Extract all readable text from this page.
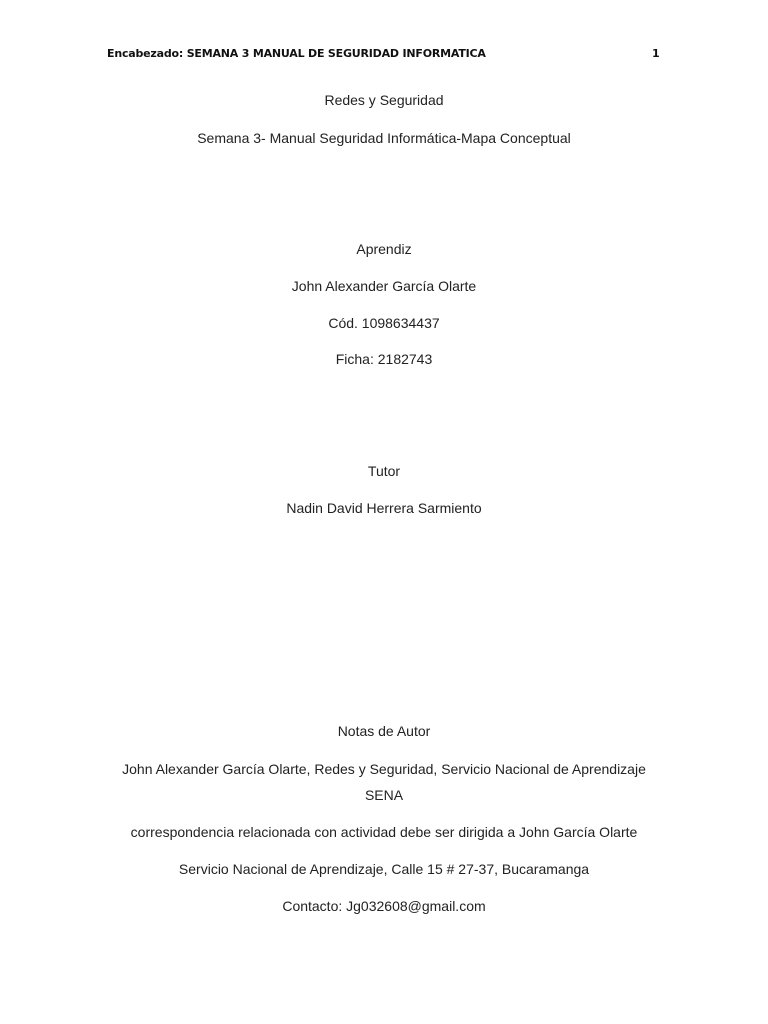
Encabezado: SEMANA 3 MANUAL DE SEGURIDAD INFORMATICA	1
Redes y Seguridad
Semana 3- Manual Seguridad Informática-Mapa Conceptual
Aprendiz
John Alexander García Olarte
Cód. 1098634437
Ficha: 2182743
Tutor
Nadin David Herrera Sarmiento
Notas de Autor
John Alexander García Olarte, Redes y Seguridad, Servicio Nacional de Aprendizaje SENA
correspondencia relacionada con actividad debe ser dirigida a John García Olarte
Servicio Nacional de Aprendizaje, Calle 15 # 27-37, Bucaramanga
Contacto: Jg032608@gmail.com
